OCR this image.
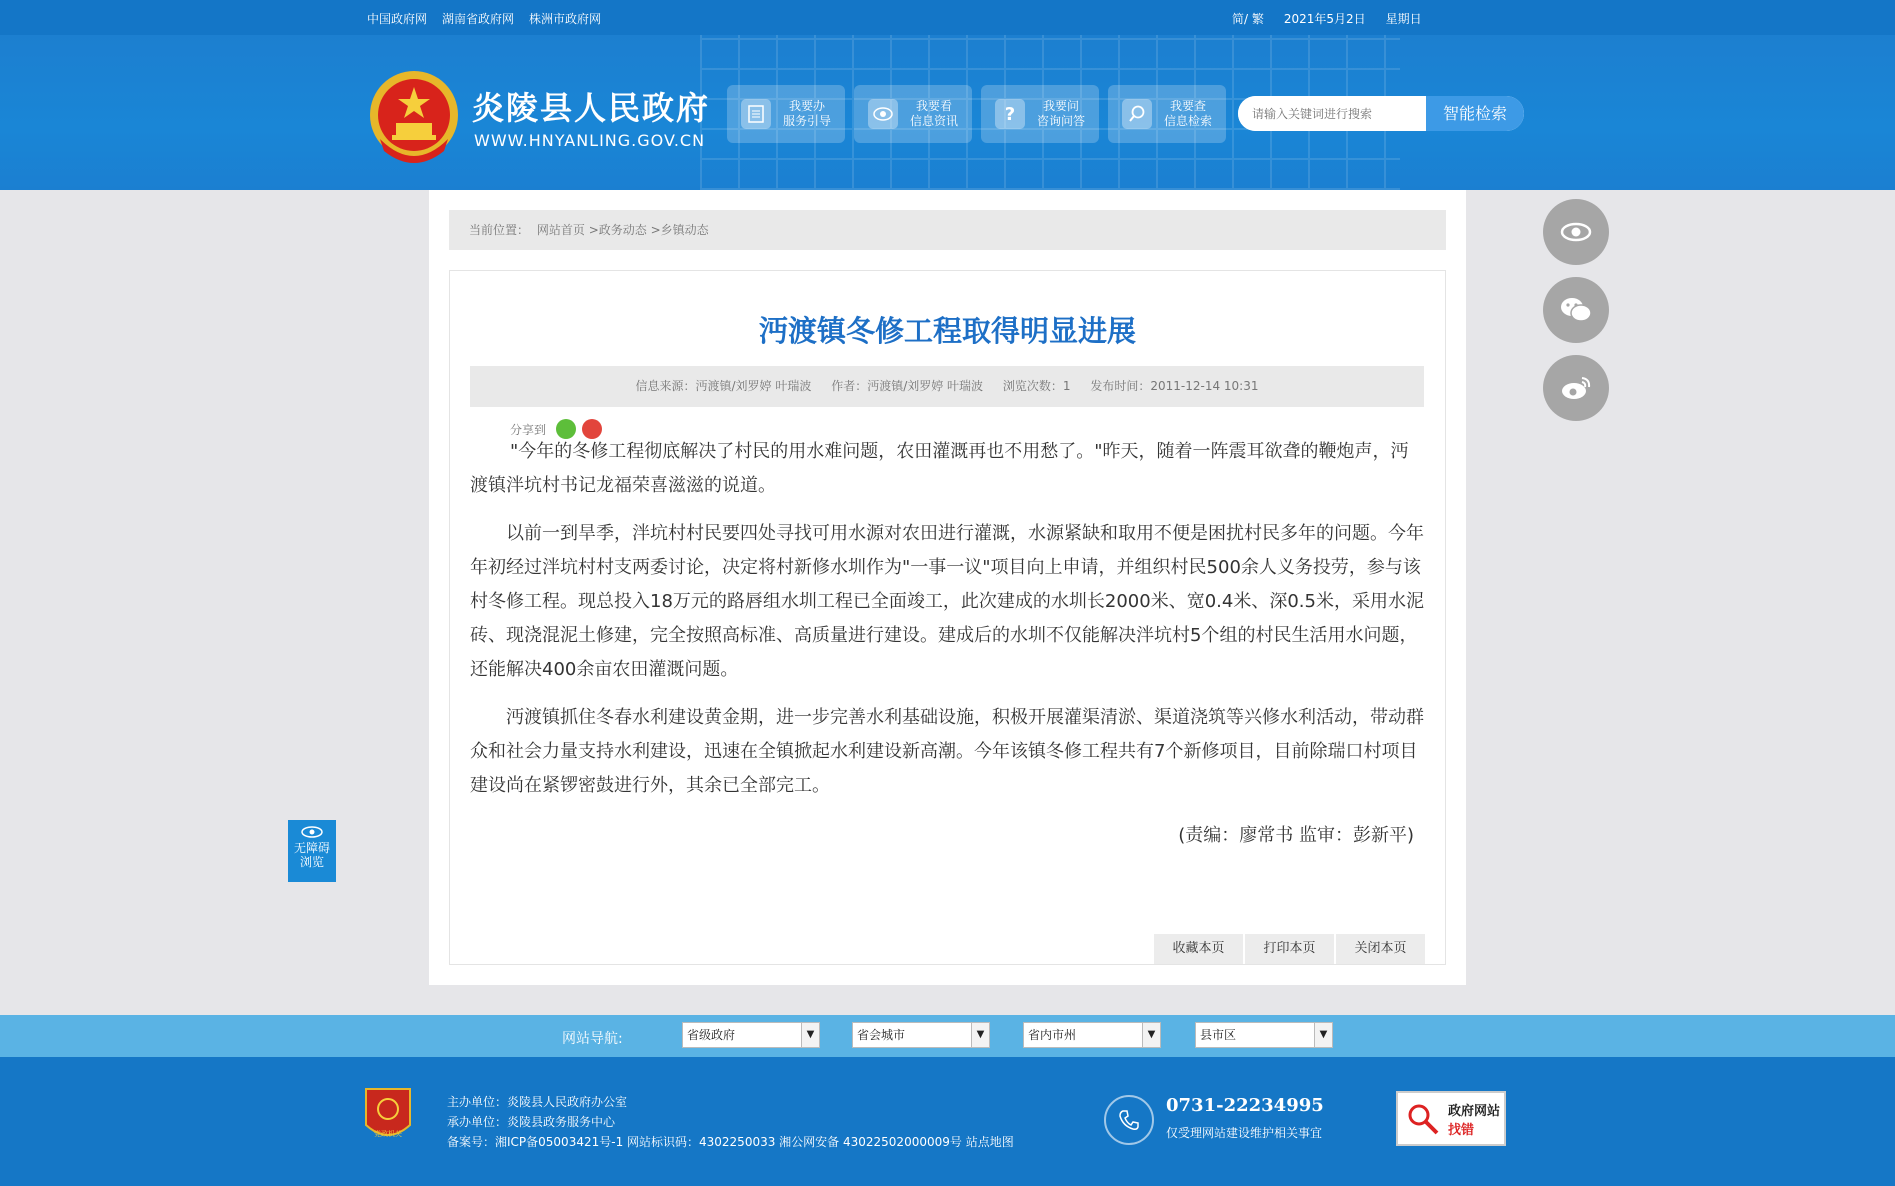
中国政府网 湖南省政府网 株洲市政府网	简/ 繁 2021年5月2日 星期日
炎陵县人民政府
WWW.HNYANLING.GOV.CN
我要办
服务引导
我要看
信息资讯	?	我要问
咨询问答
我要查
信息检索
请输入关键词进行搜索	智能检索
当前位置： 网站首页 >政务动态 >乡镇动态
沔渡镇冬修工程取得明显进展
信息来源：沔渡镇/刘罗婷 叶瑞波 作者：沔渡镇/刘罗婷 叶瑞波 浏览次数：1 发布时间：2011-12-14 10:31
分享到

"今年的冬修工程彻底解决了村民的用水难问题，农田灌溉再也不用愁了。"昨天，随着一阵震耳欲聋的鞭炮声，沔渡镇泮坑村书记龙福荣喜滋滋的说道。

以前一到旱季，泮坑村村民要四处寻找可用水源对农田进行灌溉，水源紧缺和取用不便是困扰村民多年的问题。今年年初经过泮坑村村支两委讨论，决定将村新修水圳作为"一事一议"项目向上申请，并组织村民500余人义务投劳，参与该村冬修工程。现总投入18万元的路唇组水圳工程已全面竣工，此次建成的水圳长2000米、宽0.4米、深0.5米，采用水泥砖、现浇混泥土修建，完全按照高标准、高质量进行建设。建成后的水圳不仅能解决泮坑村5个组的村民生活用水问题，还能解决400余亩农田灌溉问题。

沔渡镇抓住冬春水利建设黄金期，进一步完善水利基础设施，积极开展灌渠清淤、渠道浇筑等兴修水利活动，带动群众和社会力量支持水利建设，迅速在全镇掀起水利建设新高潮。今年该镇冬修工程共有7个新修项目，目前除瑞口村项目建设尚在紧锣密鼓进行外，其余已全部完工。

(责编：廖常书 监审：彭新平)
收藏本页	打印本页	关闭本页

无障碍
浏览
网站导航:	省级政府	▼	省会城市	▼	省内市州	▼	县市区	▼
党政机关
主办单位：炎陵县人民政府办公室
承办单位：炎陵县政务服务中心
备案号：湘ICP备05003421号-1 网站标识码：4302250033 湘公网安备 43022502000009号 站点地图
0731-22234995
仅受理网站建设维护相关事宜
政府网站
找错
